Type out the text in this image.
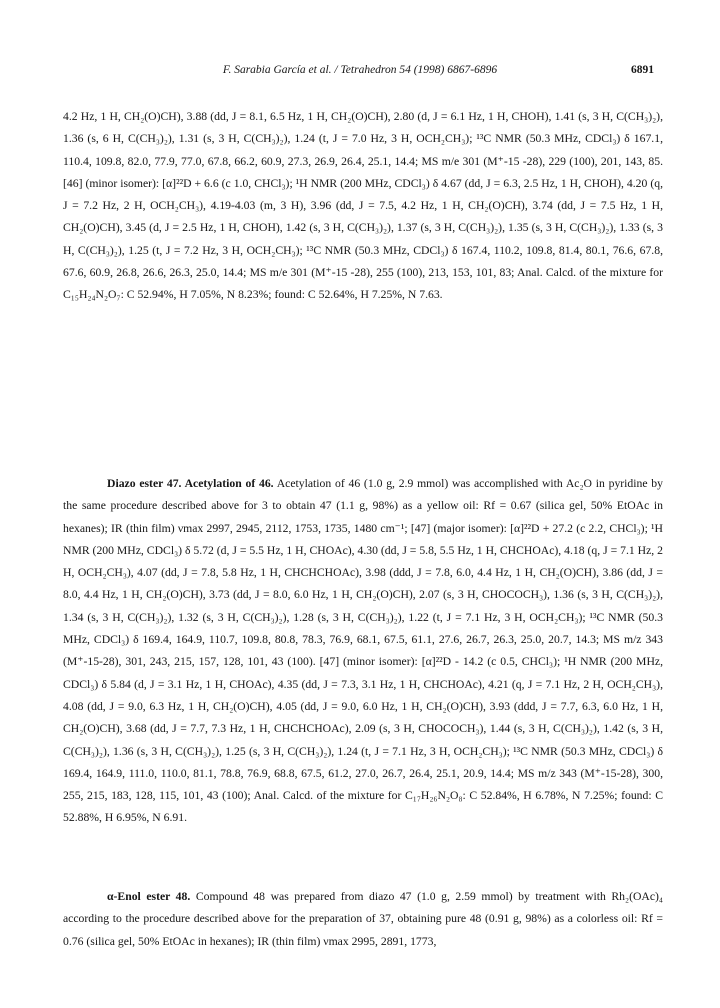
F. Sarabia García et al. / Tetrahedron 54 (1998) 6867-6896	6891
4.2 Hz, 1 H, CH₂(O)CH), 3.88 (dd, J = 8.1, 6.5 Hz, 1 H, CH₂(O)CH), 2.80 (d, J = 6.1 Hz, 1 H, CHOH), 1.41 (s, 3 H, C(CH₃)₂), 1.36 (s, 6 H, C(CH₃)₂), 1.31 (s, 3 H, C(CH₃)₂), 1.24 (t, J = 7.0 Hz, 3 H, OCH₂CH₃); ¹³C NMR (50.3 MHz, CDCl₃) δ 167.1, 110.4, 109.8, 82.0, 77.9, 77.0, 67.8, 66.2, 60.9, 27.3, 26.9, 26.4, 25.1, 14.4; MS m/e 301 (M⁺-15 -28), 229 (100), 201, 143, 85. [46] (minor isomer): [α]²²D + 6.6 (c 1.0, CHCl₃); ¹H NMR (200 MHz, CDCl₃) δ 4.67 (dd, J = 6.3, 2.5 Hz, 1 H, CHOH), 4.20 (q, J = 7.2 Hz, 2 H, OCH₂CH₃), 4.19-4.03 (m, 3 H), 3.96 (dd, J = 7.5, 4.2 Hz, 1 H, CH₂(O)CH), 3.74 (dd, J = 7.5 Hz, 1 H, CH₂(O)CH), 3.45 (d, J = 2.5 Hz, 1 H, CHOH), 1.42 (s, 3 H, C(CH₃)₂), 1.37 (s, 3 H, C(CH₃)₂), 1.35 (s, 3 H, C(CH₃)₂), 1.33 (s, 3 H, C(CH₃)₂), 1.25 (t, J = 7.2 Hz, 3 H, OCH₂CH₃); ¹³C NMR (50.3 MHz, CDCl₃) δ 167.4, 110.2, 109.8, 81.4, 80.1, 76.6, 67.8, 67.6, 60.9, 26.8, 26.6, 26.3, 25.0, 14.4; MS m/e 301 (M⁺-15 -28), 255 (100), 213, 153, 101, 83; Anal. Calcd. of the mixture for C₁₅H₂₄N₂O₇: C 52.94%, H 7.05%, N 8.23%; found: C 52.64%, H 7.25%, N 7.63.
Diazo ester 47. Acetylation of 46. Acetylation of 46 (1.0 g, 2.9 mmol) was accomplished with Ac₂O in pyridine by the same procedure described above for 3 to obtain 47 (1.1 g, 98%) as a yellow oil: Rf = 0.67 (silica gel, 50% EtOAc in hexanes); IR (thin film) νmax 2997, 2945, 2112, 1753, 1735, 1480 cm⁻¹; [47] (major isomer): [α]²²D + 27.2 (c 2.2, CHCl₃); ¹H NMR (200 MHz, CDCl₃) δ 5.72 (d, J = 5.5 Hz, 1 H, CHOAc), 4.30 (dd, J = 5.8, 5.5 Hz, 1 H, CHCHOAc), 4.18 (q, J = 7.1 Hz, 2 H, OCH₂CH₃), 4.07 (dd, J = 7.8, 5.8 Hz, 1 H, CHCHCHOAc), 3.98 (ddd, J = 7.8, 6.0, 4.4 Hz, 1 H, CH₂(O)CH), 3.86 (dd, J = 8.0, 4.4 Hz, 1 H, CH₂(O)CH), 3.73 (dd, J = 8.0, 6.0 Hz, 1 H, CH₂(O)CH), 2.07 (s, 3 H, CHOCOCH₃), 1.36 (s, 3 H, C(CH₃)₂), 1.34 (s, 3 H, C(CH₃)₂), 1.32 (s, 3 H, C(CH₃)₂), 1.28 (s, 3 H, C(CH₃)₂), 1.22 (t, J = 7.1 Hz, 3 H, OCH₂CH₃); ¹³C NMR (50.3 MHz, CDCl₃) δ 169.4, 164.9, 110.7, 109.8, 80.8, 78.3, 76.9, 68.1, 67.5, 61.1, 27.6, 26.7, 26.3, 25.0, 20.7, 14.3; MS m/z 343 (M⁺-15-28), 301, 243, 215, 157, 128, 101, 43 (100). [47] (minor isomer): [α]²²D - 14.2 (c 0.5, CHCl₃); ¹H NMR (200 MHz, CDCl₃) δ 5.84 (d, J = 3.1 Hz, 1 H, CHOAc), 4.35 (dd, J = 7.3, 3.1 Hz, 1 H, CHCHOAc), 4.21 (q, J = 7.1 Hz, 2 H, OCH₂CH₃), 4.08 (dd, J = 9.0, 6.3 Hz, 1 H, CH₂(O)CH), 4.05 (dd, J = 9.0, 6.0 Hz, 1 H, CH₂(O)CH), 3.93 (ddd, J = 7.7, 6.3, 6.0 Hz, 1 H, CH₂(O)CH), 3.68 (dd, J = 7.7, 7.3 Hz, 1 H, CHCHCHOAc), 2.09 (s, 3 H, CHOCOCH₃), 1.44 (s, 3 H, C(CH₃)₂), 1.42 (s, 3 H, C(CH₃)₂), 1.36 (s, 3 H, C(CH₃)₂), 1.25 (s, 3 H, C(CH₃)₂), 1.24 (t, J = 7.1 Hz, 3 H, OCH₂CH₃); ¹³C NMR (50.3 MHz, CDCl₃) δ 169.4, 164.9, 111.0, 110.0, 81.1, 78.8, 76.9, 68.8, 67.5, 61.2, 27.0, 26.7, 26.4, 25.1, 20.9, 14.4; MS m/z 343 (M⁺-15-28), 300, 255, 215, 183, 128, 115, 101, 43 (100); Anal. Calcd. of the mixture for C₁₇H₂₆N₂O₈: C 52.84%, H 6.78%, N 7.25%; found: C 52.88%, H 6.95%, N 6.91.
α-Enol ester 48. Compound 48 was prepared from diazo 47 (1.0 g, 2.59 mmol) by treatment with Rh₂(OAc)₄ according to the procedure described above for the preparation of 37, obtaining pure 48 (0.91 g, 98%) as a colorless oil: Rf = 0.76 (silica gel, 50% EtOAc in hexanes); IR (thin film) νmax 2995, 2891, 1773,
